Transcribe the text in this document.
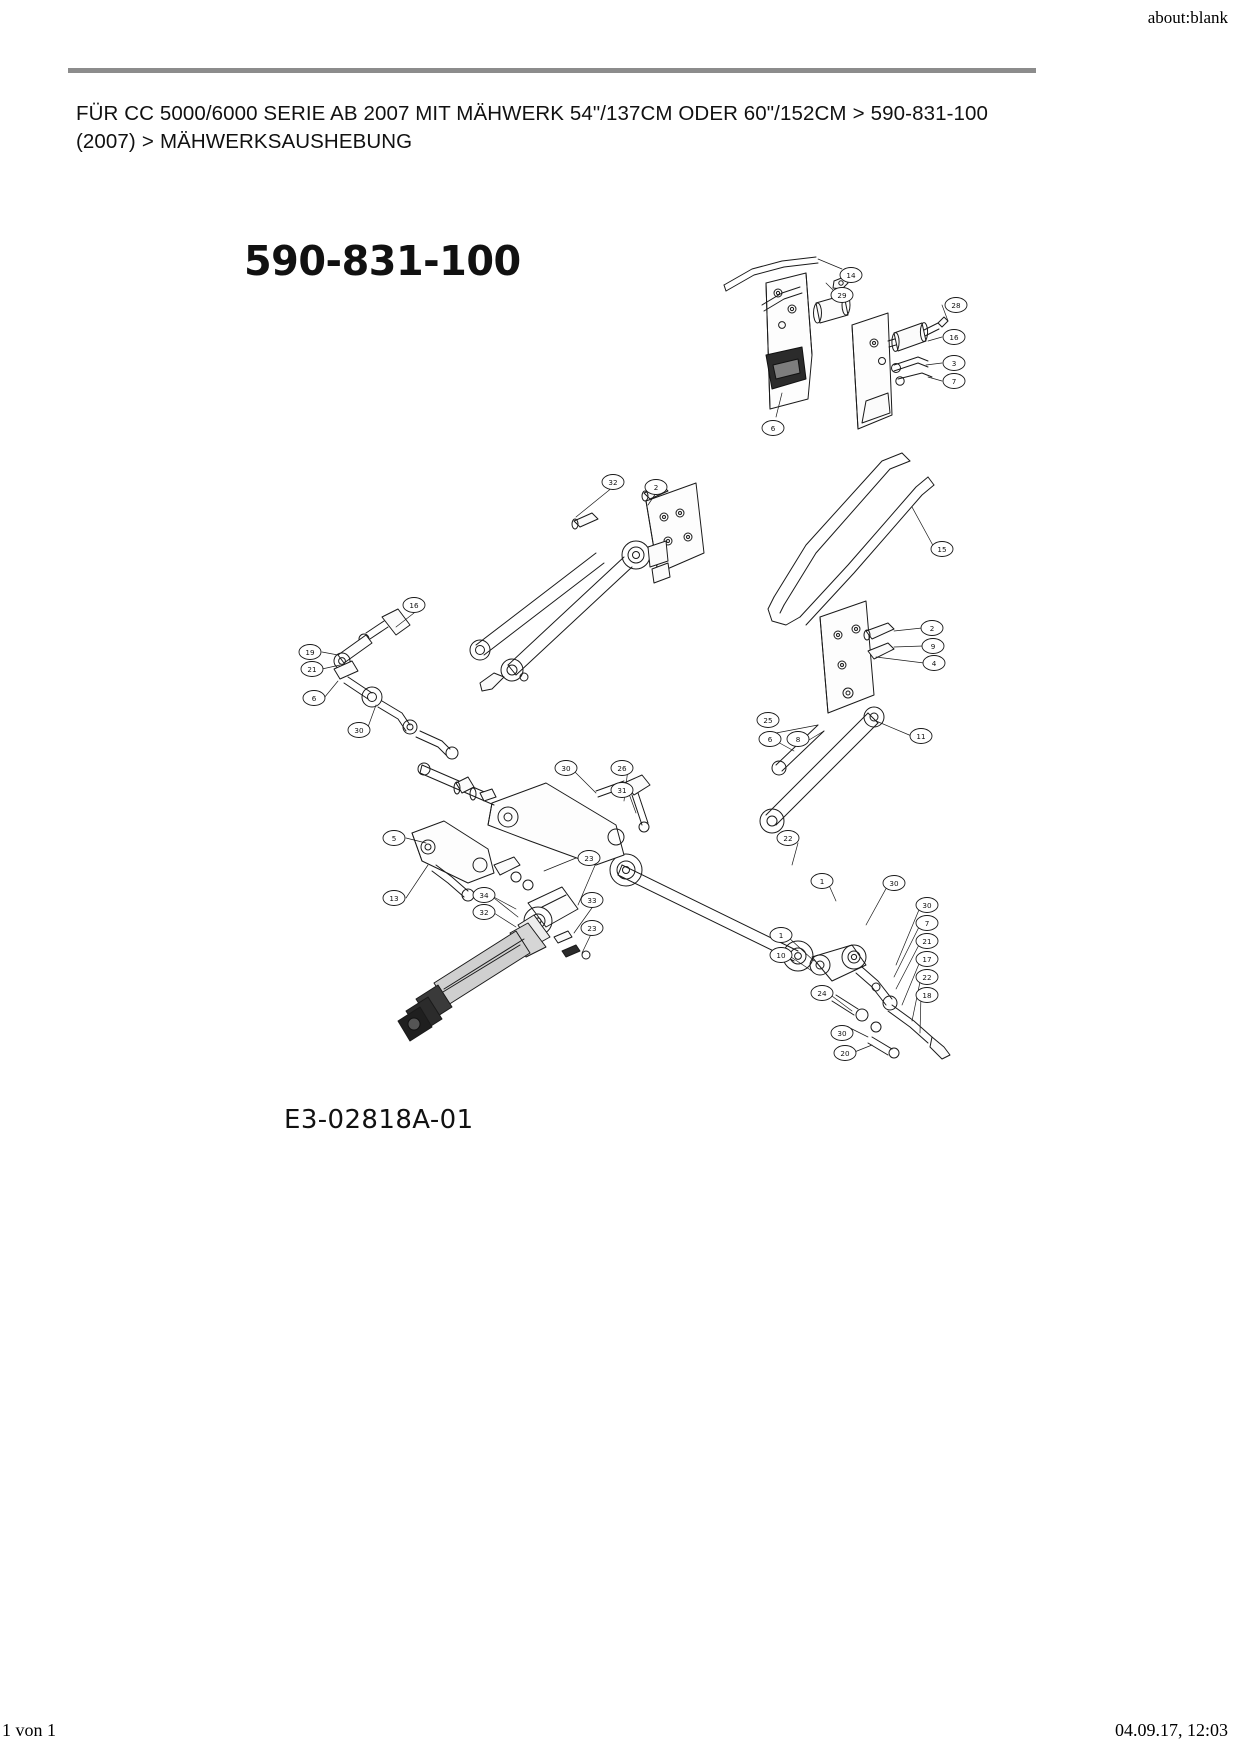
about:blank
1 von 1	04.09.17, 12:03
FÜR CC 5000/6000 SERIE AB 2007 MIT MÄHWERK 54"/137CM ODER 60"/152CM > 590-831-100 (2007) > MÄHWERKSAUSHEBUNG
590-831-100
E3-02818A-01
14
29
28
16
3
7
6
32
2
15
16
19
21
6
30
2
9
4
25
6	8	11
30	26
31
5
13
23
34
32
33
23
22
1	30
30
7
21
17
22
18
1
10
24
30
20
